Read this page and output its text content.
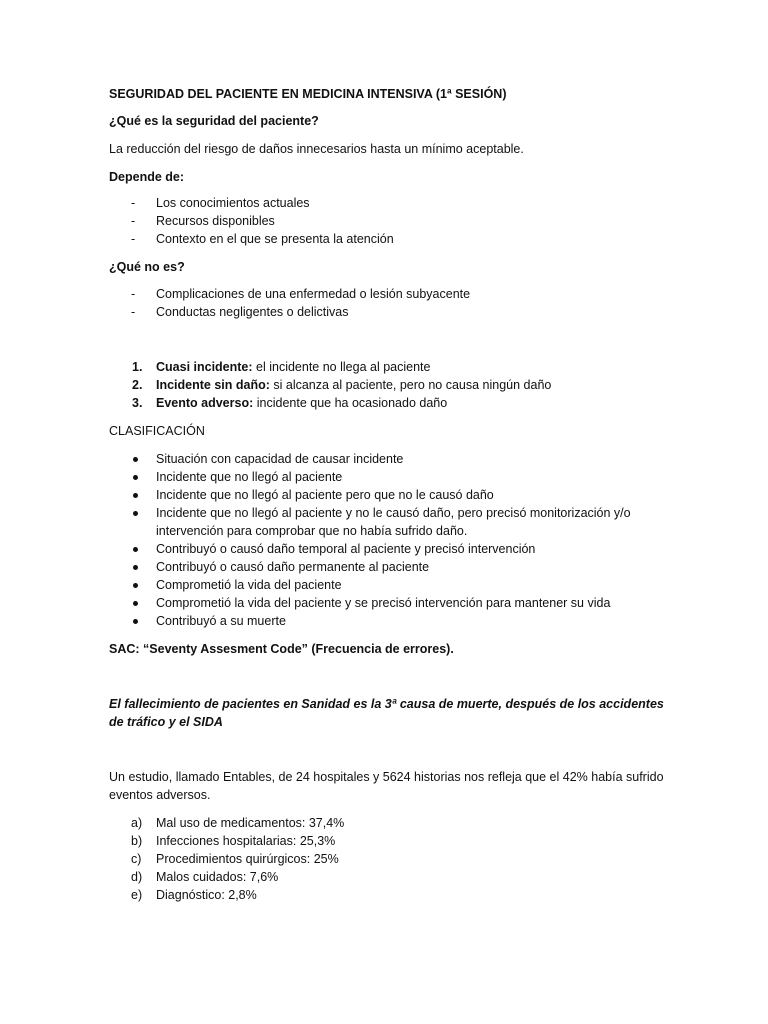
SEGURIDAD DEL PACIENTE EN MEDICINA INTENSIVA (1ª SESIÓN)

¿Qué es la seguridad del paciente?

La reducción del riesgo de daños innecesarios hasta un mínimo aceptable.

Depende de:

- Los conocimientos actuales
- Recursos disponibles
- Contexto en el que se presenta la atención

¿Qué no es?

- Complicaciones de una enfermedad o lesión subyacente
- Conductas negligentes o delictivas
1. Cuasi incidente: el incidente no llega al paciente
2. Incidente sin daño: si alcanza al paciente, pero no causa ningún daño
3. Evento adverso: incidente que ha ocasionado daño

CLASIFICACIÓN

Situación con capacidad de causar incidente
Incidente que no llegó al paciente
Incidente que no llegó al paciente pero que no le causó daño
Incidente que no llegó al paciente y no le causó daño, pero precisó monitorización y/o intervención para comprobar que no había sufrido daño.
Contribuyó o causó daño temporal al paciente y precisó intervención
Contribuyó o causó daño permanente al paciente
Comprometió la vida del paciente
Comprometió la vida del paciente y se precisó intervención para mantener su vida
Contribuyó a su muerte

SAC: “Seventy Assesment Code” (Frecuencia de errores).

El fallecimiento de pacientes en Sanidad es la 3ª causa de muerte, después de los accidentes de tráfico y el SIDA

Un estudio, llamado Entables, de 24 hospitales y 5624 historias nos refleja que el 42% había sufrido eventos adversos.

a) Mal uso de medicamentos: 37,4%
b) Infecciones hospitalarias: 25,3%
c) Procedimientos quirúrgicos: 25%
d) Malos cuidados: 7,6%
e) Diagnóstico: 2,8%
